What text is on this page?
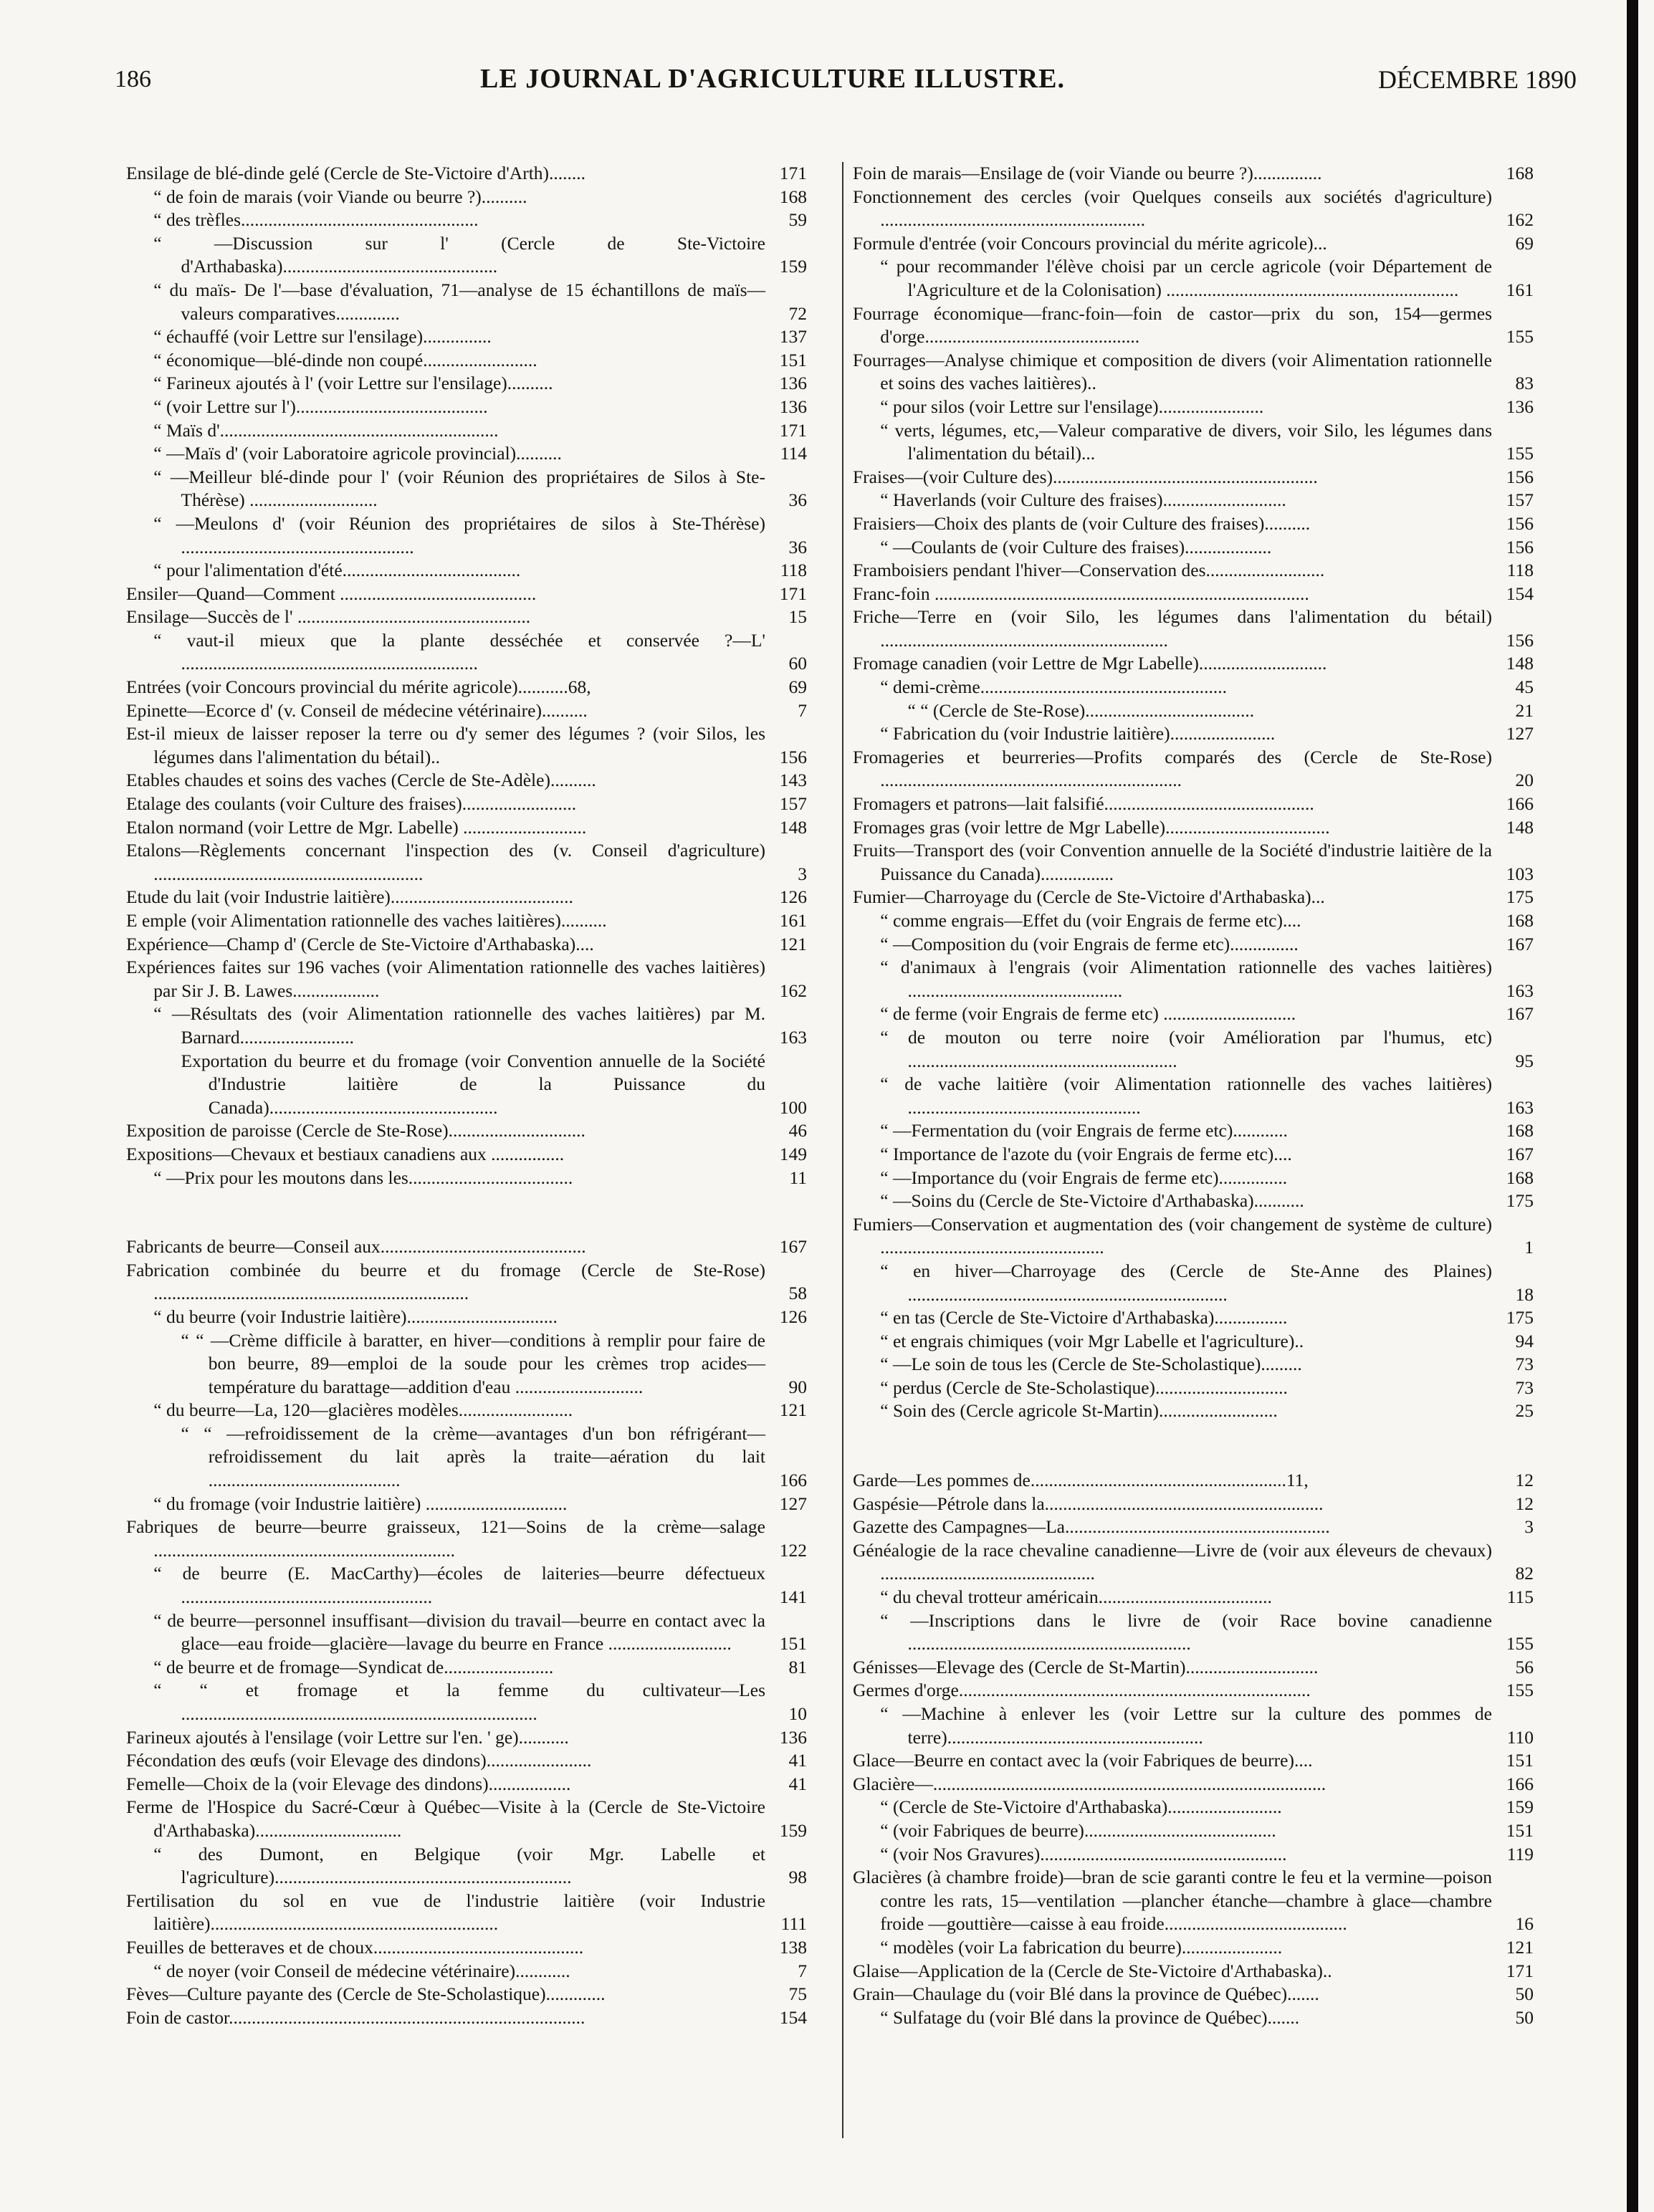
186	LE JOURNAL D'AGRICULTURE ILLUSTRE.	DÉCEMBRE 1890
Ensilage de blé-dinde gelé (Cercle de Ste-Victoire d'Arth)........	171
“ de foin de marais (voir Viande ou beurre ?)..........	168
“ des trèfles....................................................	59
“ —Discussion sur l' (Cercle de Ste-Victoire d'Arthabaska)...............................................	159
“ du maïs- De l'—base d'évaluation, 71—analyse de 15 échantillons de maïs—valeurs comparatives..............	72
“ échauffé (voir Lettre sur l'ensilage)...............	137
“ économique—blé-dinde non coupé.........................	151
“ Farineux ajoutés à l' (voir Lettre sur l'ensilage)..........	136
“ (voir Lettre sur l')..........................................	136
“ Maïs d'.............................................................	171
“ —Maïs d' (voir Laboratoire agricole provincial)..........	114
“ —Meilleur blé-dinde pour l' (voir Réunion des propriétaires de Silos à Ste-Thérèse) ............................	36
“ —Meulons d' (voir Réunion des propriétaires de silos à Ste-Thérèse) ...................................................	36
“ pour l'alimentation d'été.......................................	118
Ensiler—Quand—Comment ...........................................	171
Ensilage—Succès de l' ...................................................	15
“ vaut-il mieux que la plante desséchée et conservée ?—L' .................................................................	60
Entrées (voir Concours provincial du mérite agricole)...........68,	69
Epinette—Ecorce d' (v. Conseil de médecine vétérinaire)..........	7
Est-il mieux de laisser reposer la terre ou d'y semer des légumes ? (voir Silos, les légumes dans l'alimentation du bétail)..	156
Etables chaudes et soins des vaches (Cercle de Ste-Adèle)..........	143
Etalage des coulants (voir Culture des fraises).........................	157
Etalon normand (voir Lettre de Mgr. Labelle) ...........................	148
Etalons—Règlements concernant l'inspection des (v. Conseil d'agriculture) ...........................................................	3
Etude du lait (voir Industrie laitière)........................................	126
E emple (voir Alimentation rationnelle des vaches laitières)..........	161
Expérience—Champ d' (Cercle de Ste-Victoire d'Arthabaska)....	121
Expériences faites sur 196 vaches (voir Alimentation rationnelle des vaches laitières) par Sir J. B. Lawes...................	162
“ —Résultats des (voir Alimentation rationnelle des vaches laitières) par M. Barnard.........................	163
Exportation du beurre et du fromage (voir Convention annuelle de la Société d'Industrie laitière de la Puissance du Canada)..................................................	100
Exposition de paroisse (Cercle de Ste-Rose)..............................	46
Expositions—Chevaux et bestiaux canadiens aux ................	149
“ —Prix pour les moutons dans les....................................	11
Fabricants de beurre—Conseil aux.............................................	167
Fabrication combinée du beurre et du fromage (Cercle de Ste-Rose) .....................................................................	58
“ du beurre (voir Industrie laitière).................................	126
“ “ —Crème difficile à baratter, en hiver—conditions à remplir pour faire de bon beurre, 89—emploi de la soude pour les crèmes trop acides—température du barattage—addition d'eau ............................	90
“ du beurre—La, 120—glacières modèles.........................	121
“ “ —refroidissement de la crème—avantages d'un bon réfrigérant—refroidissement du lait après la traite—aération du lait ..........................................	166
“ du fromage (voir Industrie laitière) ...............................	127
Fabriques de beurre—beurre graisseux, 121—Soins de la crème—salage ..................................................................	122
“ de beurre (E. MacCarthy)—écoles de laiteries—beurre défectueux .......................................................	141
“ de beurre—personnel insuffisant—division du travail—beurre en contact avec la glace—eau froide—glacière—lavage du beurre en France ...........................	151
“ de beurre et de fromage—Syndicat de........................	81
“ “ et fromage et la femme du cultivateur—Les ..............................................................................	10
Farineux ajoutés à l'ensilage (voir Lettre sur l'en. ' ge)...........	136
Fécondation des œufs (voir Elevage des dindons).......................	41
Femelle—Choix de la (voir Elevage des dindons)..................	41
Ferme de l'Hospice du Sacré-Cœur à Québec—Visite à la (Cercle de Ste-Victoire d'Arthabaska)................................	159
“ des Dumont, en Belgique (voir Mgr. Labelle et l'agriculture).................................................................	98
Fertilisation du sol en vue de l'industrie laitière (voir Industrie laitière)...............................................................	111
Feuilles de betteraves et de choux..............................................	138
“ de noyer (voir Conseil de médecine vétérinaire)............	7
Fèves—Culture payante des (Cercle de Ste-Scholastique).............	75
Foin de castor..............................................................................	154
Foin de marais—Ensilage de (voir Viande ou beurre ?)...............	168
Fonctionnement des cercles (voir Quelques conseils aux sociétés d'agriculture) ..........................................................	162
Formule d'entrée (voir Concours provincial du mérite agricole)...	69
“ pour recommander l'élève choisi par un cercle agricole (voir Département de l'Agriculture et de la Colonisation) ................................................................	161
Fourrage économique—franc-foin—foin de castor—prix du son, 154—germes d'orge...............................................	155
Fourrages—Analyse chimique et composition de divers (voir Alimentation rationnelle et soins des vaches laitières)..	83
“ pour silos (voir Lettre sur l'ensilage).......................	136
“ verts, légumes, etc,—Valeur comparative de divers, voir Silo, les légumes dans l'alimentation du bétail)...	155
Fraises—(voir Culture des)..........................................................	156
“ Haverlands (voir Culture des fraises)...........................	157
Fraisiers—Choix des plants de (voir Culture des fraises)..........	156
“ —Coulants de (voir Culture des fraises)...................	156
Framboisiers pendant l'hiver—Conservation des..........................	118
Franc-foin ..................................................................................	154
Friche—Terre en (voir Silo, les légumes dans l'alimentation du bétail) ...............................................................	156
Fromage canadien (voir Lettre de Mgr Labelle)............................	148
“ demi-crème......................................................	45
“ “ (Cercle de Ste-Rose).....................................	21
“ Fabrication du (voir Industrie laitière).......................	127
Fromageries et beurreries—Profits comparés des (Cercle de Ste-Rose) ..................................................................	20
Fromagers et patrons—lait falsifié..............................................	166
Fromages gras (voir lettre de Mgr Labelle)....................................	148
Fruits—Transport des (voir Convention annuelle de la Société d'industrie laitière de la Puissance du Canada)................	103
Fumier—Charroyage du (Cercle de Ste-Victoire d'Arthabaska)...	175
“ comme engrais—Effet du (voir Engrais de ferme etc)....	168
“ —Composition du (voir Engrais de ferme etc)...............	167
“ d'animaux à l'engrais (voir Alimentation rationnelle des vaches laitières) ...............................................	163
“ de ferme (voir Engrais de ferme etc) .............................	167
“ de mouton ou terre noire (voir Amélioration par l'humus, etc) ...........................................................	95
“ de vache laitière (voir Alimentation rationnelle des vaches laitières) ...................................................	163
“ —Fermentation du (voir Engrais de ferme etc)............	168
“ Importance de l'azote du (voir Engrais de ferme etc)....	167
“ —Importance du (voir Engrais de ferme etc)...............	168
“ —Soins du (Cercle de Ste-Victoire d'Arthabaska)...........	175
Fumiers—Conservation et augmentation des (voir changement de système de culture) .................................................	1
“ en hiver—Charroyage des (Cercle de Ste-Anne des Plaines) ......................................................................	18
“ en tas (Cercle de Ste-Victoire d'Arthabaska)................	175
“ et engrais chimiques (voir Mgr Labelle et l'agriculture)..	94
“ —Le soin de tous les (Cercle de Ste-Scholastique).........	73
“ perdus (Cercle de Ste-Scholastique).............................	73
“ Soin des (Cercle agricole St-Martin)..........................	25
Garde—Les pommes de........................................................11,	12
Gaspésie—Pétrole dans la.............................................................	12
Gazette des Campagnes—La..........................................................	3
Généalogie de la race chevaline canadienne—Livre de (voir aux éleveurs de chevaux) ...............................................	82
“ du cheval trotteur américain......................................	115
“ —Inscriptions dans le livre de (voir Race bovine canadienne ..............................................................	155
Génisses—Elevage des (Cercle de St-Martin).............................	56
Germes d'orge.............................................................................	155
“ —Machine à enlever les (voir Lettre sur la culture des pommes de terre)........................................................	110
Glace—Beurre en contact avec la (voir Fabriques de beurre)....	151
Glacière—......................................................................................	166
“ (Cercle de Ste-Victoire d'Arthabaska).........................	159
“ (voir Fabriques de beurre)..........................................	151
“ (voir Nos Gravures)......................................................	119
Glacières (à chambre froide)—bran de scie garanti contre le feu et la vermine—poison contre les rats, 15—ventilation —plancher étanche—chambre à glace—chambre froide —gouttière—caisse à eau froide........................................	16
“ modèles (voir La fabrication du beurre)......................	121
Glaise—Application de la (Cercle de Ste-Victoire d'Arthabaska)..	171
Grain—Chaulage du (voir Blé dans la province de Québec).......	50
“ Sulfatage du (voir Blé dans la province de Québec).......	50
